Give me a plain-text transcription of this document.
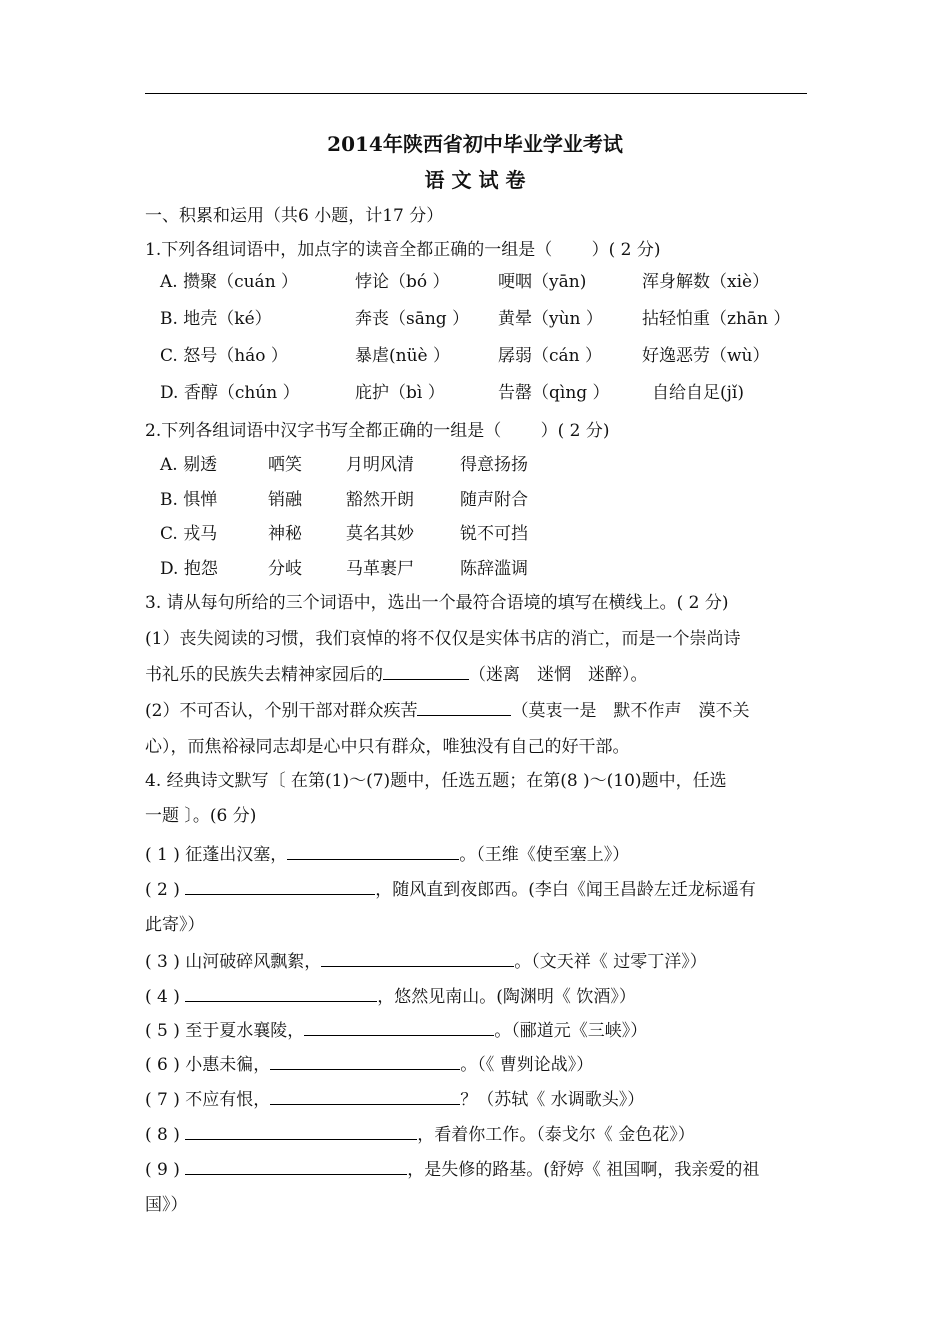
2014年陕西省初中毕业学业考试
语 文 试 卷
一、积累和运用（共6 小题，计17 分）
1.下列各组词语中，加点字的读音全都正确的一组是（　　 ）( 2 分)
A. 攒聚（cuán ）	悖论（bó ）	哽咽（yān)	浑身解数（xiè）
B. 地壳（ké）	奔丧（sāng ） 黄晕（yùn ） 拈轻怕重（zhān ）
C. 怒号（háo ）	暴虐(nüè ）	孱弱（cán ） 好逸恶劳（wù）
D. 香醇（chún ）	庇护（bì ）	告罄（qìng ） 自给自足(jǐ)
2.下列各组词语中汉字书写全都正确的一组是（　　 ）( 2 分)
A. 剔透	哂笑	月明风清	得意扬扬
B. 惧惮	销融	豁然开朗	随声附合
C. 戎马	神秘	莫名其妙	锐不可挡
D. 抱怨	分岐	马革裹尸	陈辞滥调
3. 请从每句所给的三个词语中，选出一个最符合语境的填写在横线上。( 2 分)
(1）丧失阅读的习惯，我们哀悼的将不仅仅是实体书店的消亡，而是一个崇尚诗
书礼乐的民族失去精神家园后的	（迷离　迷惘　迷醉）。
(2）不可否认，个别干部对群众疾苦	（莫衷一是　默不作声　漠不关
心），而焦裕禄同志却是心中只有群众，唯独没有自己的好干部。
4. 经典诗文默写〔 在第(1)～(7)题中，任选五题；在第(8 )～(10)题中，任选
一题 〕。(6 分)
( 1 ) 征蓬出汉塞，	。（王维《使至塞上》）
( 2 )	，随风直到夜郎西。(李白《闻王昌龄左迁龙标遥有
此寄》）
( 3 ) 山河破碎风飘絮，	。（文天祥《 过零丁洋》）
( 4 )	，悠然见南山。(陶渊明《 饮酒》）
( 5 ) 至于夏水襄陵，	。（郦道元《三峡》）
( 6 ) 小惠未徧，	。（《 曹刿论战》）
( 7 ) 不应有恨，	？（苏轼《 水调歌头》）
( 8 )	，看着你工作。（泰戈尔《 金色花》）
( 9 )	，是失修的路基。(舒婷《 祖国啊，我亲爱的祖
国》）
